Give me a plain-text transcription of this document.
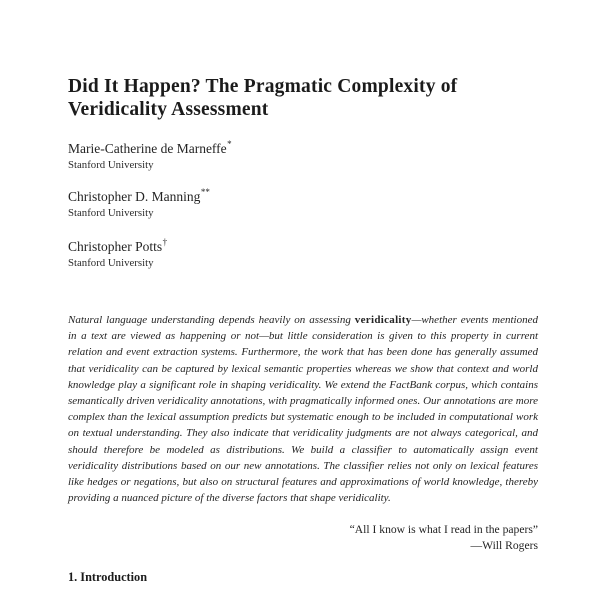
Did It Happen? The Pragmatic Complexity of
Veridicality Assessment
Marie-Catherine de Marneffe*
Stanford University
Christopher D. Manning**
Stanford University
Christopher Potts†
Stanford University

Natural language understanding depends heavily on assessing veridicality—whether events mentioned in a text are viewed as happening or not—but little consideration is given to this property in current relation and event extraction systems. Furthermore, the work that has been done has generally assumed that veridicality can be captured by lexical semantic properties whereas we show that context and world knowledge play a significant role in shaping veridicality. We extend the FactBank corpus, which contains semantically driven veridicality annotations, with pragmatically informed ones. Our annotations are more complex than the lexical assumption predicts but systematic enough to be included in computational work on textual understanding. They also indicate that veridicality judgments are not always categorical, and should therefore be modeled as distributions. We build a classifier to automatically assign event veridicality distributions based on our new annotations. The classifier relies not only on lexical features like hedges or negations, but also on structural features and approximations of world knowledge, thereby providing a nuanced picture of the diverse factors that shape veridicality.

“All I know is what I read in the papers”
—Will Rogers
1. Introduction
